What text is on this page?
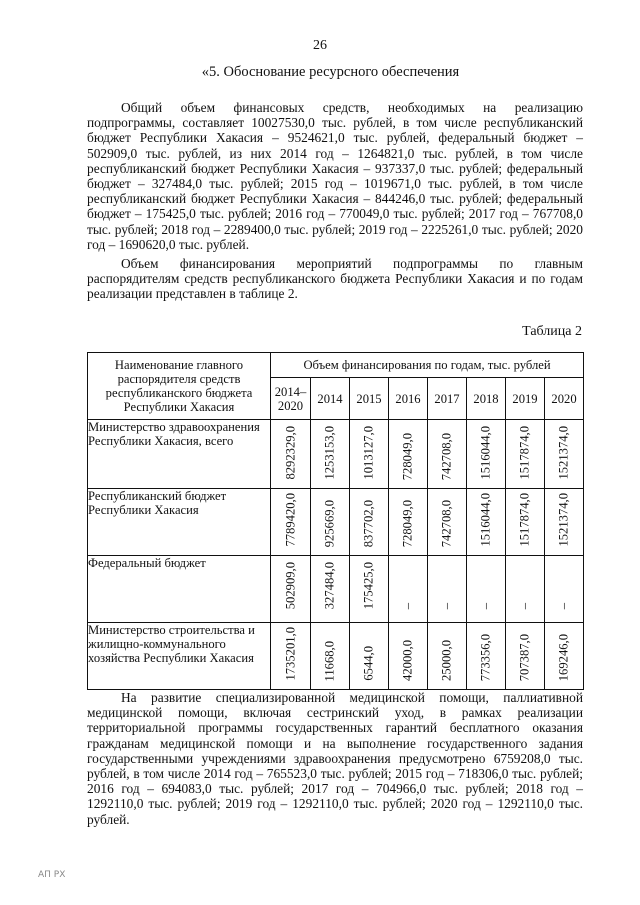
26
«5. Обоснование ресурсного обеспечения

Общий объем финансовых средств, необходимых на реализацию подпрограммы, составляет 10027530,0 тыс. рублей, в том числе республиканский бюджет Республики Хакасия – 9524621,0 тыс. рублей, федеральный бюджет – 502909,0 тыс. рублей, из них 2014 год – 1264821,0 тыс. рублей, в том числе республиканский бюджет Республики Хакасия – 937337,0 тыс. рублей; федеральный бюджет – 327484,0 тыс. рублей; 2015 год – 1019671,0 тыс. рублей, в том числе республиканский бюджет Республики Хакасия – 844246,0 тыс. рублей; федеральный бюджет – 175425,0 тыс. рублей; 2016 год – 770049,0 тыс. рублей; 2017 год – 767708,0 тыс. рублей; 2018 год – 2289400,0 тыс. рублей; 2019 год – 2225261,0 тыс. рублей; 2020 год – 1690620,0 тыс. рублей.

Объем финансирования мероприятий подпрограммы по главным распорядителям средств республиканского бюджета Республики Хакасия и по годам реализации представлен в таблице 2.

Таблица 2
Наименование главного распорядителя средств республиканского бюджета Республики Хакасия	Объем финансирования по годам, тыс. рублей							
	2014–2020	2014	2015	2016	2017	2018	2019	2020
Министерство здравоохранения Республики Хакасия, всего	8292329,0	1253153,0	1013127,0	728049,0	742708,0	1516044,0	1517874,0	1521374,0

Республиканский бюджет Республики Хакасия	7789420,0	925669,0	837702,0	728049,0	742708,0	1516044,0	1517874,0	1521374,0

Федеральный бюджет	502909,0	327484,0	175425,0	–	–	–	–	–

Министерство строительства и жилищно-коммунального хозяйства Республики Хакасия	1735201,0	11668,0	6544,0	42000,0	25000,0	773356,0	707387,0	169246,0

На развитие специализированной медицинской помощи, паллиативной медицинской помощи, включая сестринский уход, в рамках реализации территориальной программы государственных гарантий бесплатного оказания гражданам медицинской помощи и на выполнение государственного задания государственными учреждениями здравоохранения предусмотрено 6759208,0 тыс. рублей, в том числе 2014 год – 765523,0 тыс. рублей; 2015 год – 718306,0 тыс. рублей; 2016 год – 694083,0 тыс. рублей; 2017 год – 704966,0 тыс. рублей; 2018 год – 1292110,0 тыс. рублей; 2019 год – 1292110,0 тыс. рублей; 2020 год – 1292110,0 тыс. рублей.

АП РХ
